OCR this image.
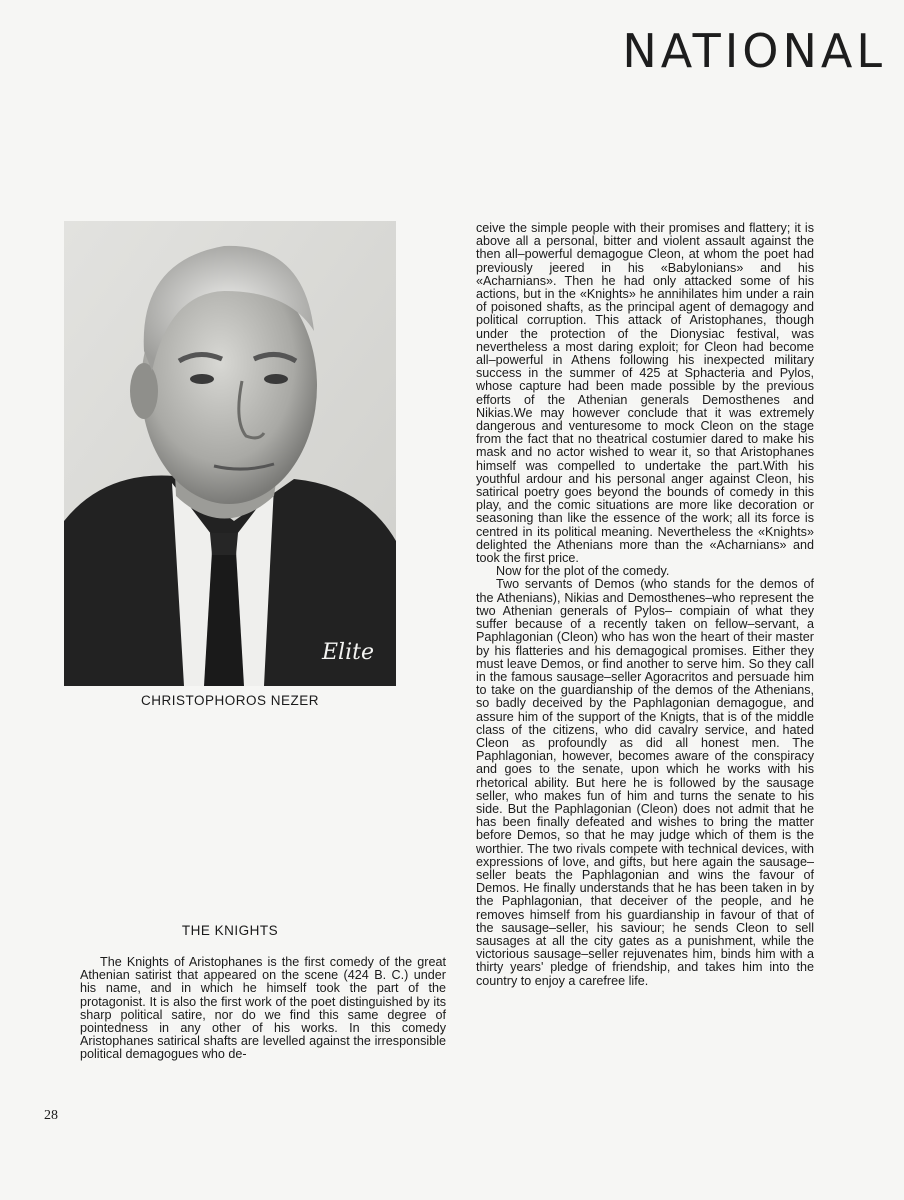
NATIONAL
Elite
CHRISTOPHOROS NEZER
THE KNIGHTS

The Knights of Aristophanes is the first comedy of the great Athenian satirist that appeared on the scene (424 B. C.) under his name, and in which he himself took the part of the protagonist. It is also the first work of the poet distinguished by its sharp political satire, nor do we find this same degree of pointedness in any other of his works. In this comedy Aristophanes satirical shafts are levelled against the irresponsible political demagogues who de-

ceive the simple people with their promises and flattery; it is above all a personal, bitter and violent assault against the then all–powerful demagogue Cleon, at whom the poet had previously jeered in his «Babylonians» and his «Acharnians». Then he had only attacked some of his actions, but in the «Knights» he annihilates him under a rain of poisoned shafts, as the principal agent of demagogy and political corruption. This attack of Aristophanes, though under the protection of the Dionysiac festival, was nevertheless a most daring exploit; for Cleon had become all–powerful in Athens following his inexpected military success in the summer of 425 at Sphacteria and Pylos, whose capture had been made possible by the previous efforts of the Athenian generals Demosthenes and Nikias.We may however conclude that it was extremely dangerous and venturesome to mock Cleon on the stage from the fact that no theatrical costumier dared to make his mask and no actor wished to wear it, so that Aristophanes himself was compelled to undertake the part.With his youthful ardour and his personal anger against Cleon, his satirical poetry goes beyond the bounds of comedy in this play, and the comic situations are more like decoration or seasoning than like the essence of the work; all its force is centred in its political meaning. Nevertheless the «Knights» delighted the Athenians more than the «Acharnians» and took the first price.

Now for the plot of the comedy.

Two servants of Demos (who stands for the demos of the Athenians), Nikias and Demosthenes–who represent the two Athenian generals of Pylos– compiain of what they suffer because of a recently taken on fellow–servant, a Paphlagonian (Cleon) who has won the heart of their master by his flatteries and his demagogical promises. Either they must leave Demos, or find another to serve him. So they call in the famous sausage–seller Agoracritos and persuade him to take on the guardianship of the demos of the Athenians, so badly deceived by the Paphlagonian demagogue, and assure him of the support of the Knigts, that is of the middle class of the citizens, who did cavalry service, and hated Cleon as profoundly as did all honest men. The Paphlagonian, however, becomes aware of the conspiracy and goes to the senate, upon which he works with his rhetorical ability. But here he is followed by the sausage seller, who makes fun of him and turns the senate to his side. But the Paphlagonian (Cleon) does not admit that he has been finally defeated and wishes to bring the matter before Demos, so that he may judge which of them is the worthier. The two rivals compete with technical devices, with expressions of love, and gifts, but here again the sausage–seller beats the Paphlagonian and wins the favour of Demos. He finally understands that he has been taken in by the Paphlagonian, that deceiver of the people, and he removes himself from his guardianship in favour of that of the sausage–seller, his saviour; he sends Cleon to sell sausages at all the city gates as a punishment, while the victorious sausage–seller rejuvenates him, binds him with a thirty years' pledge of friendship, and takes him into the country to enjoy a carefree life.

28
